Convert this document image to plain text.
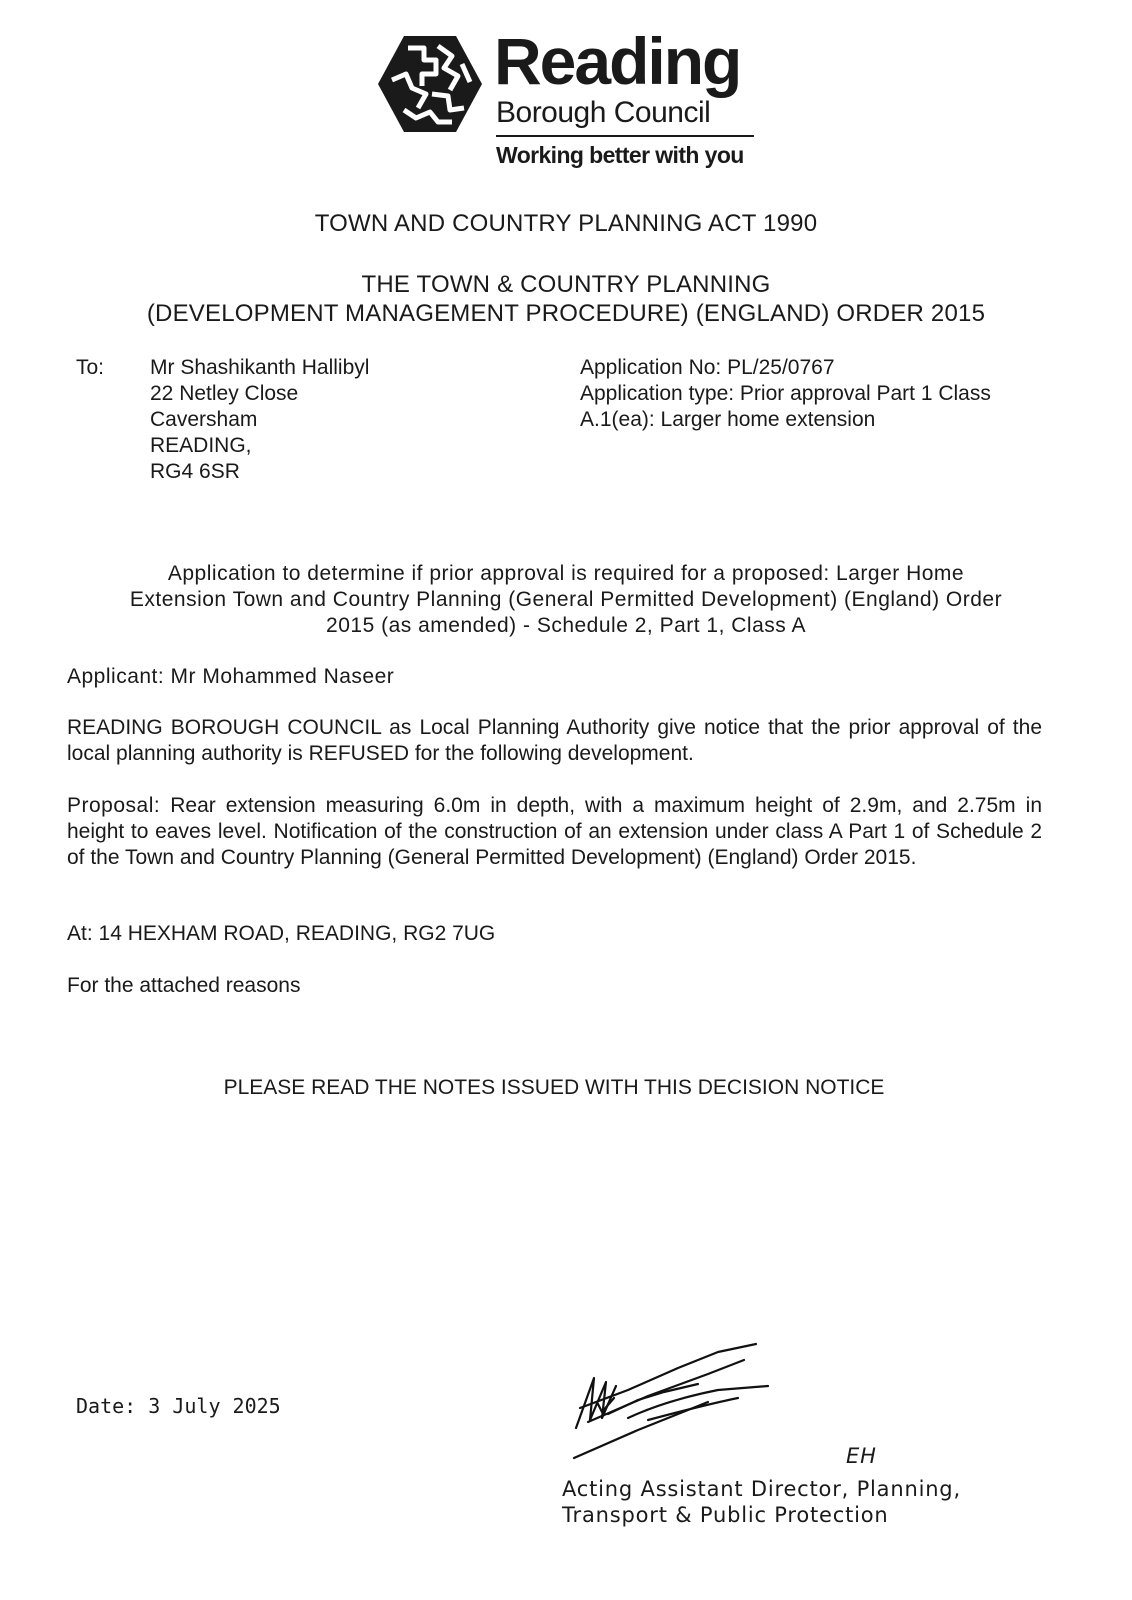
Reading
Borough Council
Working better with you
TOWN AND COUNTRY PLANNING ACT 1990
THE TOWN & COUNTRY PLANNING
(DEVELOPMENT MANAGEMENT PROCEDURE) (ENGLAND) ORDER 2015
To: Mr Shashikanth Hallibyl
22 Netley Close
Caversham
READING,
RG4 6SR
Application No: PL/25/0767
Application type: Prior approval Part 1 Class
A.1(ea): Larger home extension
Application to determine if prior approval is required for a proposed: Larger Home
Extension Town and Country Planning (General Permitted Development) (England) Order
2015 (as amended) - Schedule 2, Part 1, Class A
Applicant: Mr Mohammed Naseer
READING BOROUGH COUNCIL as Local Planning Authority give notice that the prior approval of the local planning authority is REFUSED for the following development.
Proposal: Rear extension measuring 6.0m in depth, with a maximum height of 2.9m, and 2.75m in height to eaves level. Notification of the construction of an extension under class A Part 1 of Schedule 2 of the Town and Country Planning (General Permitted Development) (England) Order 2015.
At: 14 HEXHAM ROAD, READING, RG2 7UG
For the attached reasons
PLEASE READ THE NOTES ISSUED WITH THIS DECISION NOTICE
Date: 3 July 2025
EH
Acting Assistant Director, Planning,
Transport & Public Protection
